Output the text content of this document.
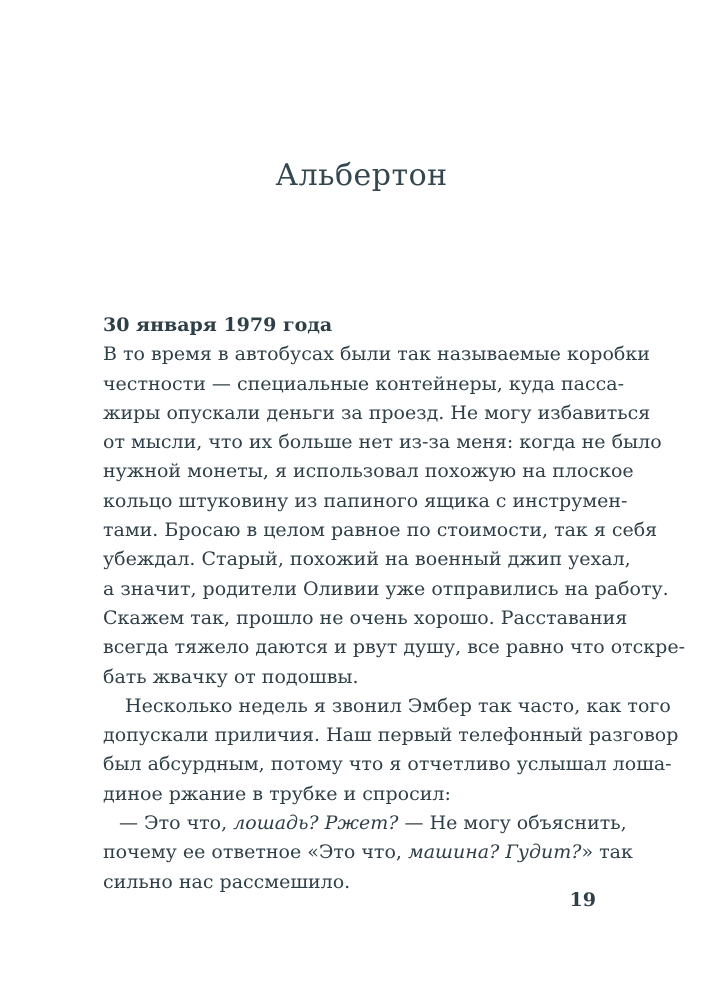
Альбертон

30 января 1979 года

В то время в автобусах были так называемые коробки
честности — специальные контейнеры, куда пасса-
жиры опускали деньги за проезд. Не могу избавиться
от мысли, что их больше нет из-за меня: когда не было
нужной монеты, я использовал похожую на плоское
кольцо штуковину из папиного ящика с инструмен-
тами. Бросаю в целом равное по стоимости, так я себя
убеждал. Старый, похожий на военный джип уехал,
а значит, родители Оливии уже отправились на работу.
Скажем так, прошло не очень хорошо. Расставания
всегда тяжело даются и рвут душу, все равно что отскре-
бать жвачку от подошвы.
Несколько недель я звонил Эмбер так часто, как того
допускали приличия. Наш первый телефонный разговор
был абсурдным, потому что я отчетливо услышал лоша-
диное ржание в трубке и спросил:
— Это что, лошадь? Ржет? — Не могу объяснить,
почему ее ответное «Это что, машина? Гудит?» так
сильно нас рассмешило.
19
